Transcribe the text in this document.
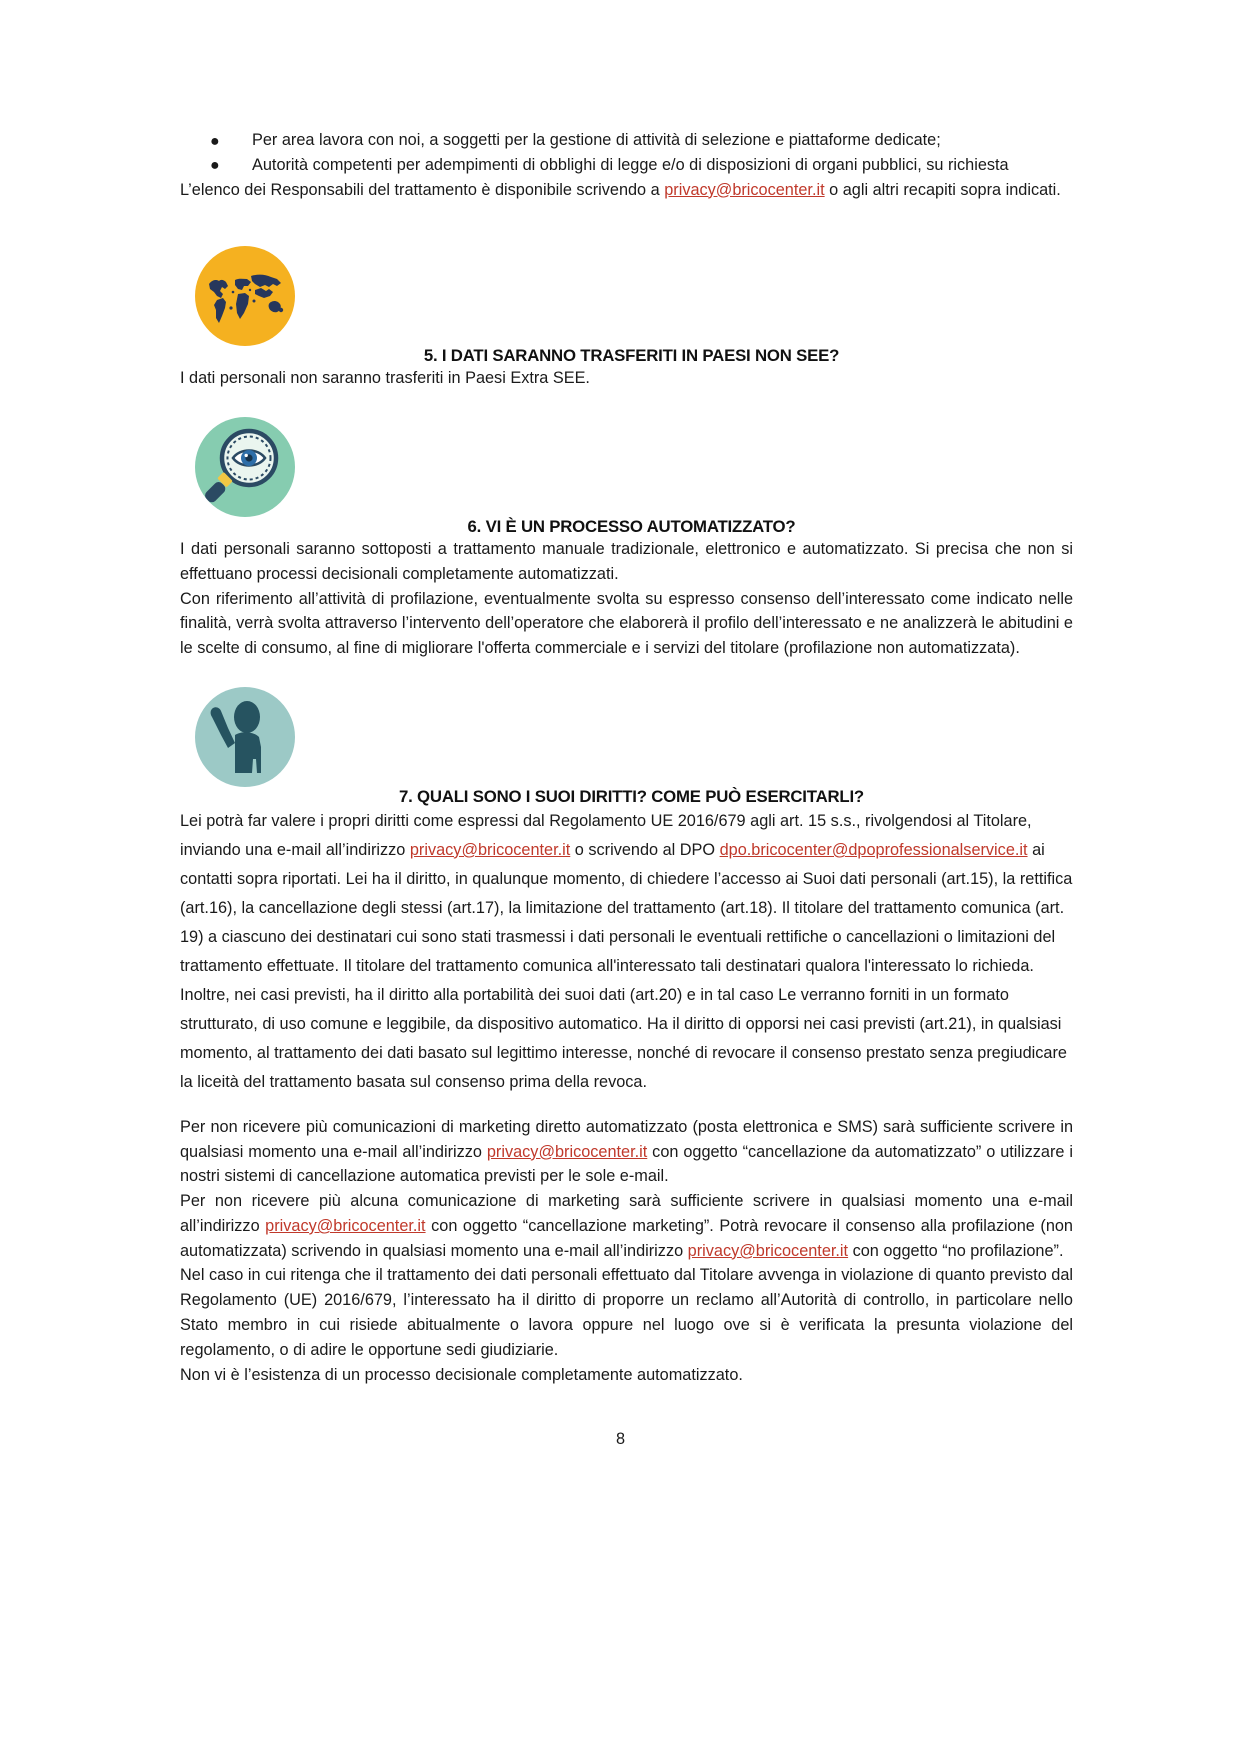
● Per area lavora con noi, a soggetti per la gestione di attività di selezione e piattaforme dedicate;
● Autorità competenti per adempimenti di obblighi di legge e/o di disposizioni di organi pubblici, su richiesta

L’elenco dei Responsabili del trattamento è disponibile scrivendo a privacy@bricocenter.it o agli altri recapiti sopra indicati.

5. I DATI SARANNO TRASFERITI IN PAESI NON SEE?

I dati personali non saranno trasferiti in Paesi Extra SEE.

6. VI È UN PROCESSO AUTOMATIZZATO?

I dati personali saranno sottoposti a trattamento manuale tradizionale, elettronico e automatizzato. Si precisa che non si effettuano processi decisionali completamente automatizzati.

Con riferimento all’attività di profilazione, eventualmente svolta su espresso consenso dell’interessato come indicato nelle finalità, verrà svolta attraverso l’intervento dell’operatore che elaborerà il profilo dell’interessato e ne analizzerà le abitudini e le scelte di consumo, al fine di migliorare l'offerta commerciale e i servizi del titolare (profilazione non automatizzata).

7. QUALI SONO I SUOI DIRITTI? COME PUÒ ESERCITARLI?

Lei potrà far valere i propri diritti come espressi dal Regolamento UE 2016/679 agli art. 15 s.s., rivolgendosi al Titolare, inviando una e-mail all’indirizzo privacy@bricocenter.it o scrivendo al DPO dpo.bricocenter@dpoprofessionalservice.it ai contatti sopra riportati. Lei ha il diritto, in qualunque momento, di chiedere l’accesso ai Suoi dati personali (art.15), la rettifica (art.16), la cancellazione degli stessi (art.17), la limitazione del trattamento (art.18). Il titolare del trattamento comunica (art. 19) a ciascuno dei destinatari cui sono stati trasmessi i dati personali le eventuali rettifiche o cancellazioni o limitazioni del trattamento effettuate. Il titolare del trattamento comunica all'interessato tali destinatari qualora l'interessato lo richieda. Inoltre, nei casi previsti, ha il diritto alla portabilità dei suoi dati (art.20) e in tal caso Le verranno forniti in un formato strutturato, di uso comune e leggibile, da dispositivo automatico. Ha il diritto di opporsi nei casi previsti (art.21), in qualsiasi momento, al trattamento dei dati basato sul legittimo interesse, nonché di revocare il consenso prestato senza pregiudicare la liceità del trattamento basata sul consenso prima della revoca.

Per non ricevere più comunicazioni di marketing diretto automatizzato (posta elettronica e SMS) sarà sufficiente scrivere in qualsiasi momento una e-mail all’indirizzo privacy@bricocenter.it con oggetto “cancellazione da automatizzato” o utilizzare i nostri sistemi di cancellazione automatica previsti per le sole e-mail.

Per non ricevere più alcuna comunicazione di marketing sarà sufficiente scrivere in qualsiasi momento una e-mail all’indirizzo privacy@bricocenter.it con oggetto “cancellazione marketing”. Potrà revocare il consenso alla profilazione (non automatizzata) scrivendo in qualsiasi momento una e-mail all’indirizzo privacy@bricocenter.it con oggetto “no profilazione”.

Nel caso in cui ritenga che il trattamento dei dati personali effettuato dal Titolare avvenga in violazione di quanto previsto dal Regolamento (UE) 2016/679, l’interessato ha il diritto di proporre un reclamo all’Autorità di controllo, in particolare nello Stato membro in cui risiede abitualmente o lavora oppure nel luogo ove si è verificata la presunta violazione del regolamento, o di adire le opportune sedi giudiziarie.

Non vi è l’esistenza di un processo decisionale completamente automatizzato.

8
